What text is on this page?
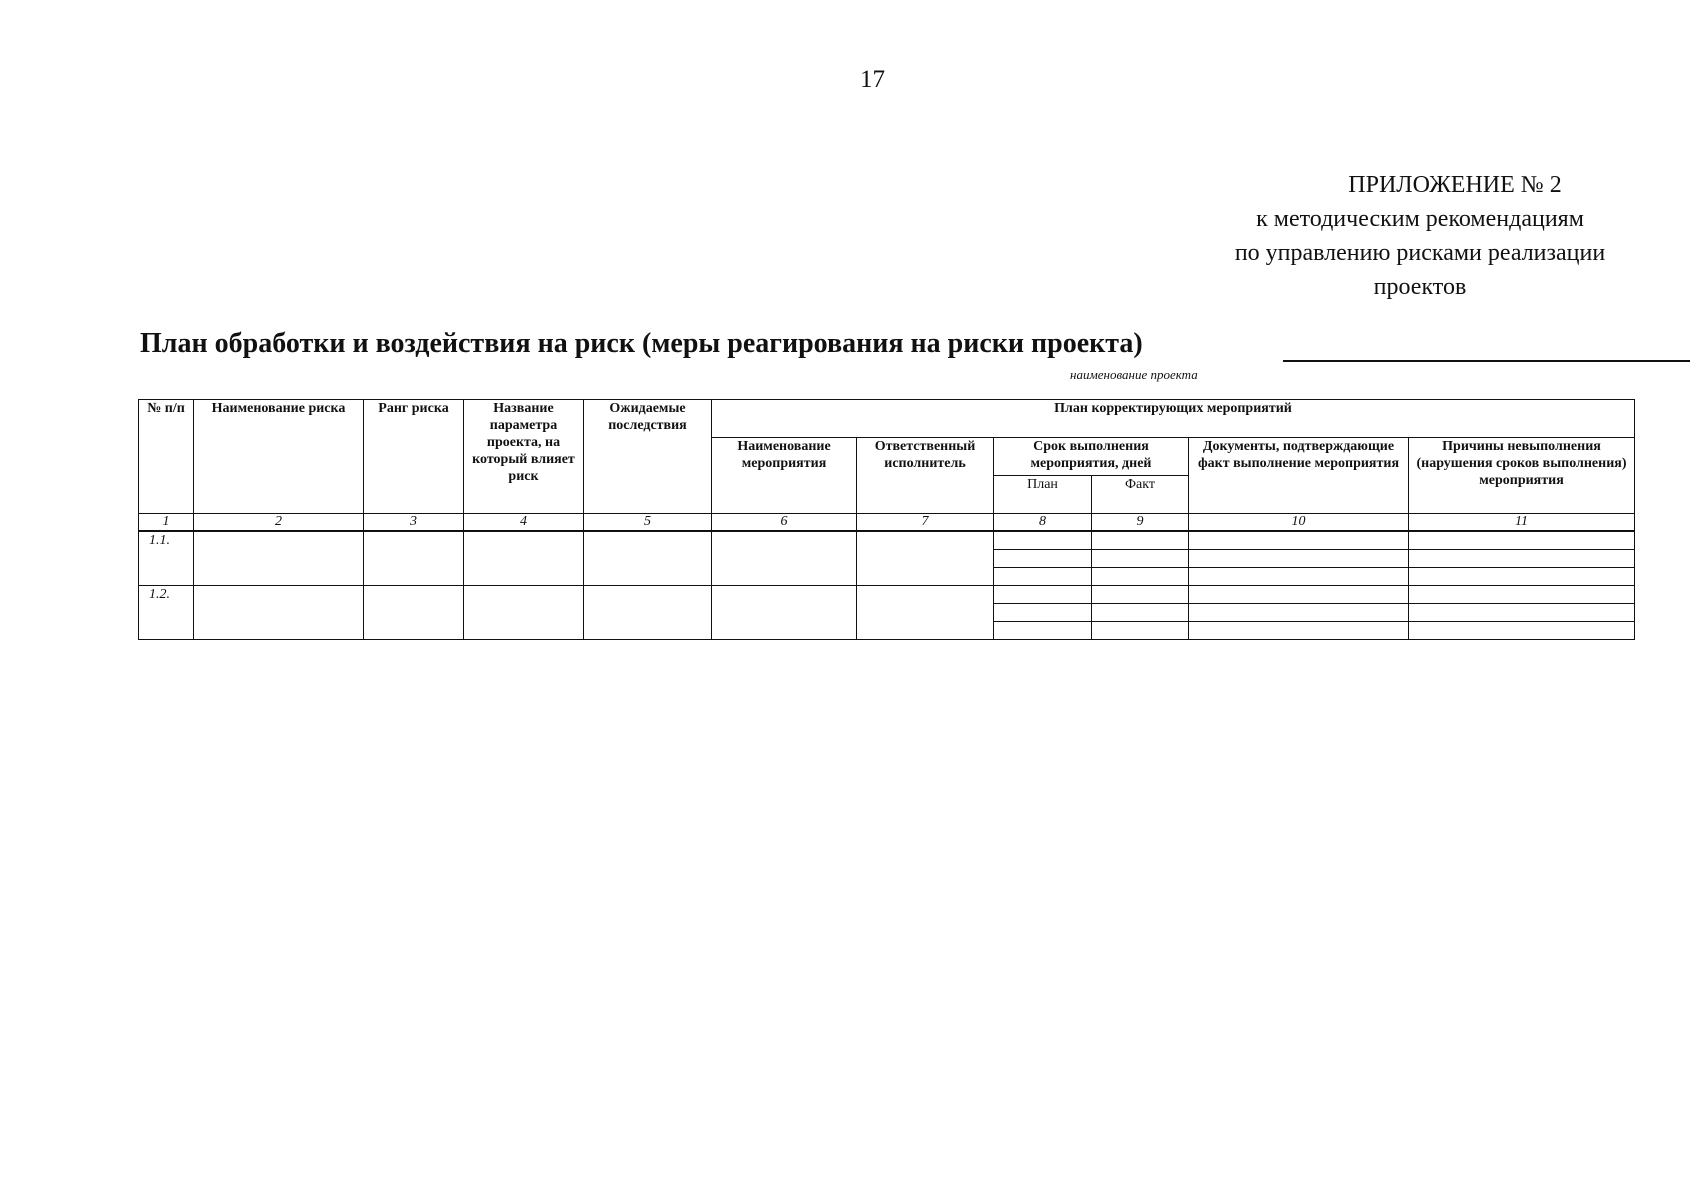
17
ПРИЛОЖЕНИЕ № 2
к методическим рекомендациям
по управлению рисками реализации
проектов
План обработки и воздействия на риск (меры реагирования на риски проекта)
наименование проекта
№ п/п	Наименование риска	Ранг риска	Название параметра проекта, на который влияет риск	Ожидаемые последствия	План корректирующих мероприятий					
					Наименование мероприятия	Ответственный исполнитель	Срок выполнения мероприятия, дней		Документы, подтверждающие факт выполнение мероприятия	Причины невыполнения (нарушения сроков выполнения) мероприятия
							План	Факт		
1	2	3	4	5	6	7	8	9	10	11
1.1.										

1.2.										
